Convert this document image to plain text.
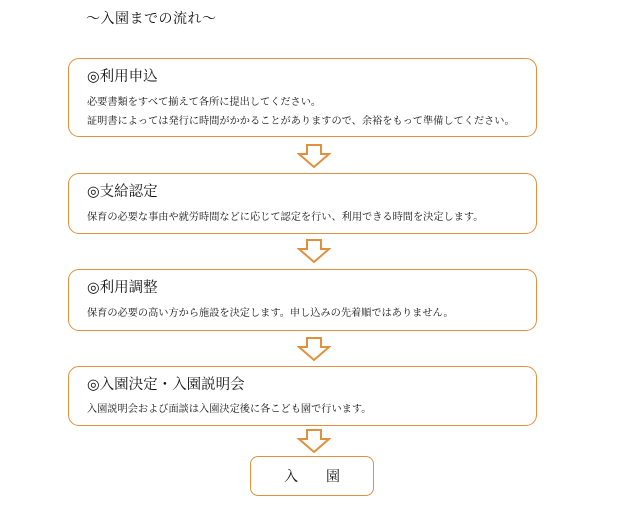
～入園までの流れ～
◎利用申込
必要書類をすべて揃えて各所に提出してください。
証明書によっては発行に時間がかかることがありますので、余裕をもって準備してください。
◎支給認定
保育の必要な事由や就労時間などに応じて認定を行い、利用できる時間を決定します。
◎利用調整
保育の必要の高い方から施設を決定します。申し込みの先着順ではありません。
◎入園決定・入園説明会
入園説明会および面談は入園決定後に各こども園で行います。
入　　園
